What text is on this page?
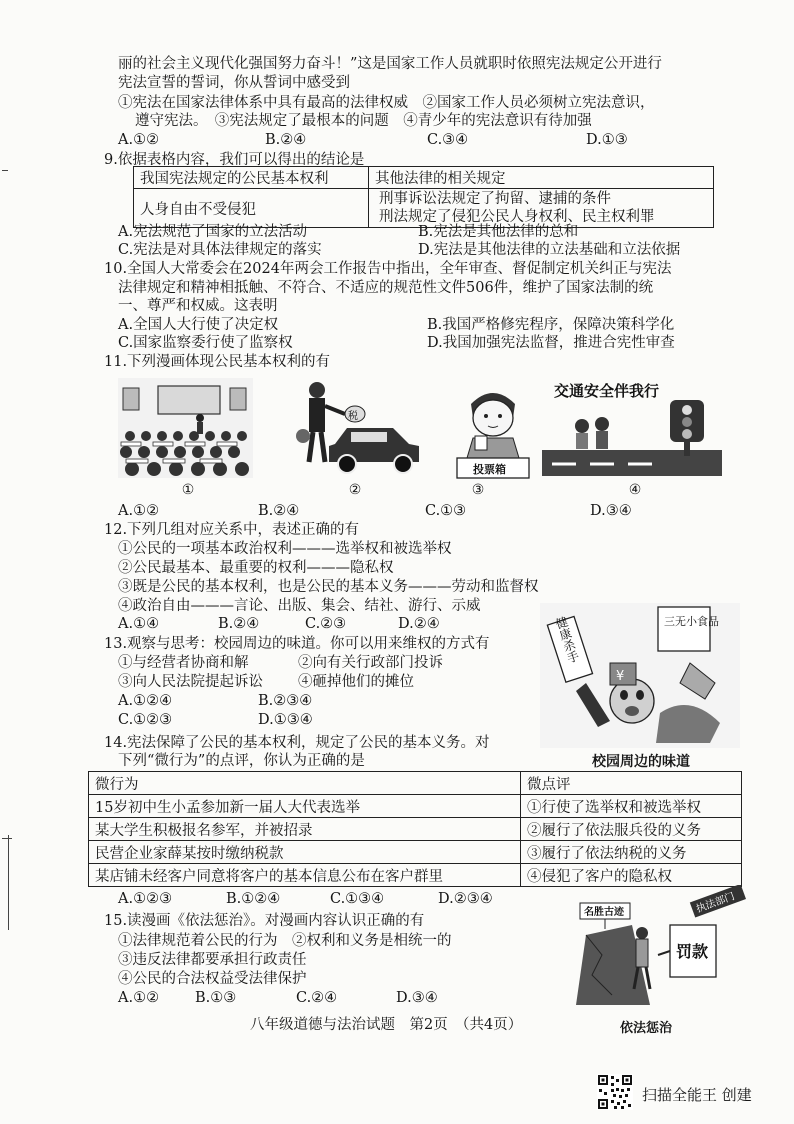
丽的社会主义现代化强国努力奋斗！”这是国家工作人员就职时依照宪法规定公开进行
宪法宣誓的誓词，你从誓词中感受到
①宪法在国家法律体系中具有最高的法律权威　②国家工作人员必须树立宪法意识，
遵守宪法。　③宪法规定了最根本的问题　④青少年的宪法意识有待加强
A.①②	B.②④	C.③④	D.①③
9.依据表格内容，我们可以得出的结论是
我国宪法规定的公民基本权利	其他法律的相关规定
人身自由不受侵犯	刑事诉讼法规定了拘留、逮捕的条件
刑法规定了侵犯公民人身权利、民主权利罪
A.宪法规范了国家的立法活动	B.宪法是其他法律的总和
C.宪法是对具体法律规定的落实	D.宪法是其他法律的立法基础和立法依据
10.全国人大常委会在2024年两会工作报告中指出，全年审查、督促制定机关纠正与宪法
法律规定和精神相抵触、不符合、不适应的规范性文件506件，维护了国家法制的统
一、尊严和权威。这表明
A.全国人大行使了决定权	B.我国严格修宪程序，保障决策科学化
C.国家监察委行使了监察权	D.我国加强宪法监督，推进合宪性审查
11.下列漫画体现公民基本权利的有
①
税
②
投票箱
③
交通安全伴我行
④
A.①②	B.②④	C.①③	D.③④
12.下列几组对应关系中，表述正确的有
①公民的一项基本政治权利———选举权和被选举权
②公民最基本、最重要的权利———隐私权
③既是公民的基本权利，也是公民的基本义务———劳动和监督权
④政治自由———言论、出版、集会、结社、游行、示威
A.①④	B.②④	C.②③	D.②④
13.观察与思考：校园周边的味道。你可以用来维权的方式有
①与经营者协商和解	②向有关行政部门投诉
③向人民法院提起诉讼 ④砸掉他们的摊位
A.①②④	B.②③④
C.①②③	D.①③④
健康杀手	三无小食品
¥
校园周边的味道
14.宪法保障了公民的基本权利，规定了公民的基本义务。对
下列“微行为”的点评，你认为正确的是
微行为	微点评
15岁初中生小孟参加新一届人大代表选举	①行使了选举权和被选举权
某大学生积极报名参军，并被招录	②履行了依法服兵役的义务
民营企业家薛某按时缴纳税款	③履行了依法纳税的义务
某店铺未经客户同意将客户的基本信息公布在客户群里	④侵犯了客户的隐私权
A.①②③	B.①②④	C.①③④	D.②③④
15.读漫画《依法惩治》。对漫画内容认识正确的有
①法律规范着公民的行为　②权利和义务是相统一的
③违反法律都要承担行政责任
④公民的合法权益受法律保护
A.①② B.①③	C.②④	D.③④
名胜古迹	执法部门
罚款
依法惩治
八年级道德与法治试题　第2页　（共4页）
扫描全能王 创建
